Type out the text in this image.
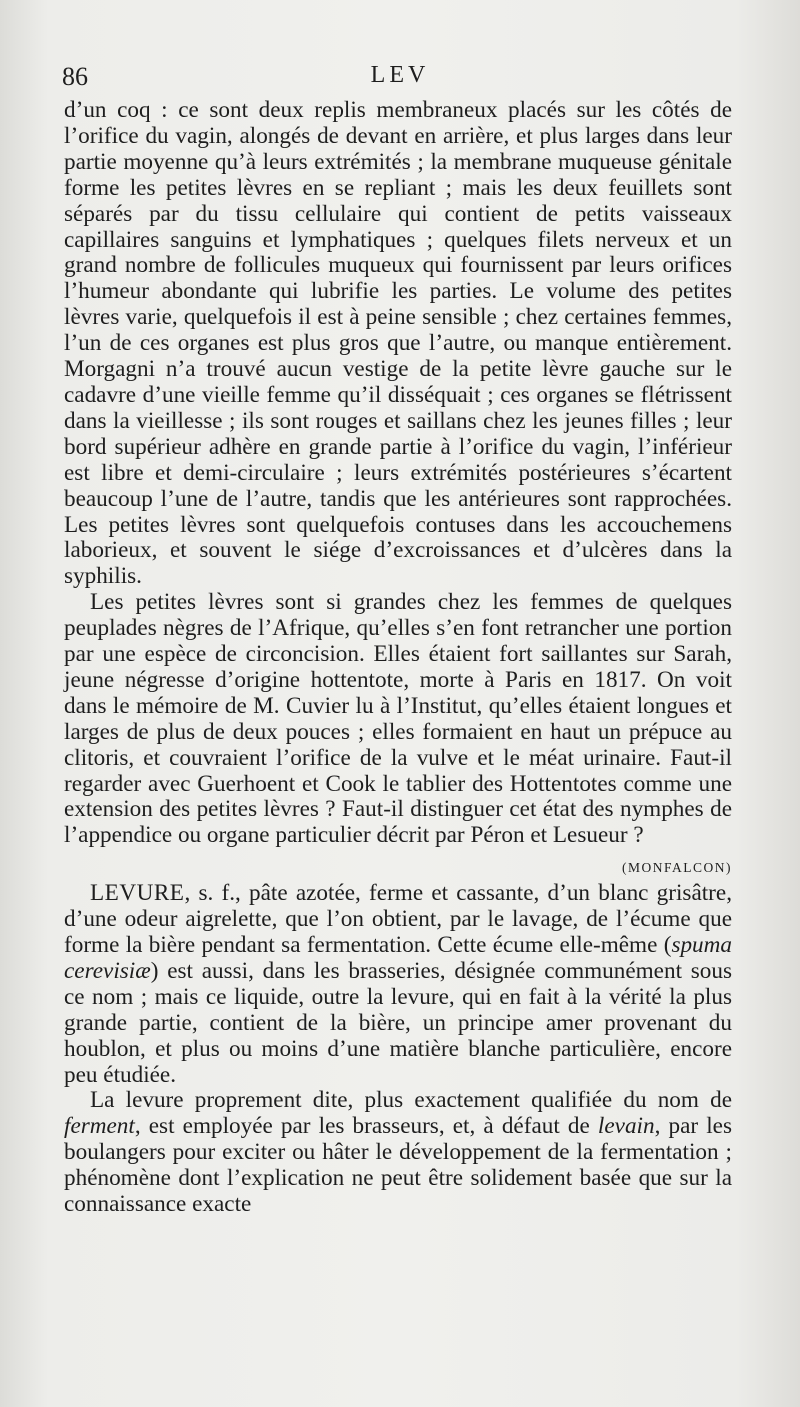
86	LEV

d’un coq : ce sont deux replis membraneux placés sur les côtés de l’orifice du vagin, alongés de devant en arrière, et plus larges dans leur partie moyenne qu’à leurs extrémités ; la membrane muqueuse génitale forme les petites lèvres en se repliant ; mais les deux feuillets sont séparés par du tissu cellulaire qui contient de petits vaisseaux capillaires sanguins et lymphatiques ; quelques filets nerveux et un grand nombre de follicules muqueux qui fournissent par leurs orifices l’humeur abondante qui lubrifie les parties. Le volume des petites lèvres varie, quelquefois il est à peine sensible ; chez certaines femmes, l’un de ces organes est plus gros que l’autre, ou manque entièrement. Morgagni n’a trouvé aucun vestige de la petite lèvre gauche sur le cadavre d’une vieille femme qu’il disséquait ; ces organes se flétrissent dans la vieillesse ; ils sont rouges et saillans chez les jeunes filles ; leur bord supérieur adhère en grande partie à l’orifice du vagin, l’inférieur est libre et demi-circulaire ; leurs extrémités postérieures s’écartent beaucoup l’une de l’autre, tandis que les antérieures sont rapprochées. Les petites lèvres sont quelquefois contuses dans les accouchemens laborieux, et souvent le siége d’excroissances et d’ulcères dans la syphilis.

Les petites lèvres sont si grandes chez les femmes de quelques peuplades nègres de l’Afrique, qu’elles s’en font retrancher une portion par une espèce de circoncision. Elles étaient fort saillantes sur Sarah, jeune négresse d’origine hottentote, morte à Paris en 1817. On voit dans le mémoire de M. Cuvier lu à l’Institut, qu’elles étaient longues et larges de plus de deux pouces ; elles formaient en haut un prépuce au clitoris, et couvraient l’orifice de la vulve et le méat urinaire. Faut-il regarder avec Guerhoent et Cook le tablier des Hottentotes comme une extension des petites lèvres ? Faut-il distinguer cet état des nymphes de l’appendice ou organe particulier décrit par Péron et Lesueur ?
(MONFALCON)

LEVURE, s. f., pâte azotée, ferme et cassante, d’un blanc grisâtre, d’une odeur aigrelette, que l’on obtient, par le lavage, de l’écume que forme la bière pendant sa fermentation. Cette écume elle-même (spuma cerevisiæ) est aussi, dans les brasseries, désignée communément sous ce nom ; mais ce liquide, outre la levure, qui en fait à la vérité la plus grande partie, contient de la bière, un principe amer provenant du houblon, et plus ou moins d’une matière blanche particulière, encore peu étudiée.

La levure proprement dite, plus exactement qualifiée du nom de ferment, est employée par les brasseurs, et, à défaut de levain, par les boulangers pour exciter ou hâter le développement de la fermentation ; phénomène dont l’explication ne peut être solidement basée que sur la connaissance exacte
